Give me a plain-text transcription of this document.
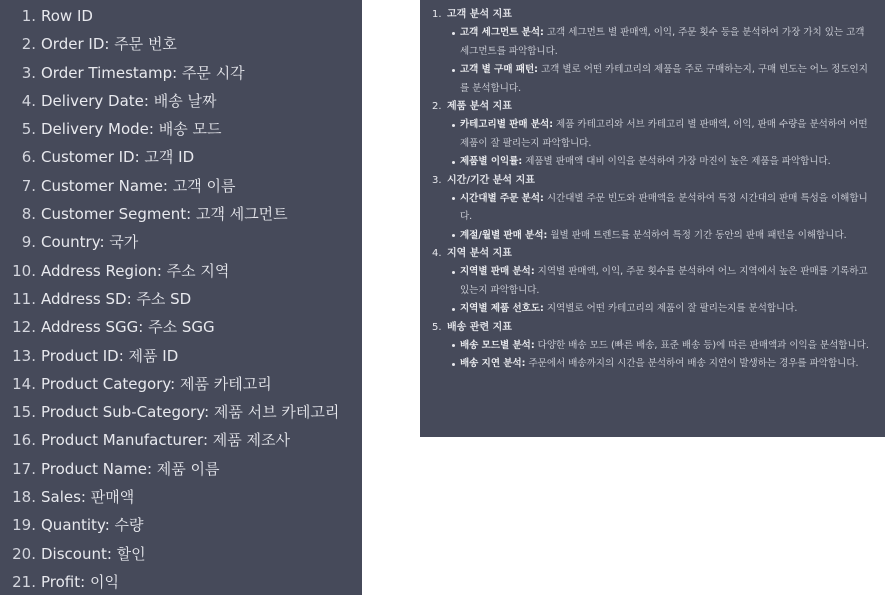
1. Row ID
2. Order ID: 주문 번호
3. Order Timestamp: 주문 시각
4. Delivery Date: 배송 날짜
5. Delivery Mode: 배송 모드
6. Customer ID: 고객 ID
7. Customer Name: 고객 이름
8. Customer Segment: 고객 세그먼트
9. Country: 국가
10. Address Region: 주소 지역
11. Address SD: 주소 SD
12. Address SGG: 주소 SGG
13. Product ID: 제품 ID
14. Product Category: 제품 카테고리
15. Product Sub-Category: 제품 서브 카테고리
16. Product Manufacturer: 제품 제조사
17. Product Name: 제품 이름
18. Sales: 판매액
19. Quantity: 수량
20. Discount: 할인
21. Profit: 이익
1. 고객 분석 지표
고객 세그먼트 분석: 고객 세그먼트 별 판매액, 이익, 주문 횟수 등을 분석하여 가장 가치 있는 고객 세그먼트를 파악합니다.
고객 별 구매 패턴: 고객 별로 어떤 카테고리의 제품을 주로 구매하는지, 구매 빈도는 어느 정도인지를 분석합니다.
2. 제품 분석 지표
카테고리별 판매 분석: 제품 카테고리와 서브 카테고리 별 판매액, 이익, 판매 수량을 분석하여 어떤 제품이 잘 팔리는지 파악합니다.
제품별 이익률: 제품별 판매액 대비 이익을 분석하여 가장 마진이 높은 제품을 파악합니다.
3. 시간/기간 분석 지표
시간대별 주문 분석: 시간대별 주문 빈도와 판매액을 분석하여 특정 시간대의 판매 특성을 이해합니다.
계절/월별 판매 분석: 월별 판매 트렌드를 분석하여 특정 기간 동안의 판매 패턴을 이해합니다.
4. 지역 분석 지표
지역별 판매 분석: 지역별 판매액, 이익, 주문 횟수를 분석하여 어느 지역에서 높은 판매를 기록하고 있는지 파악합니다.
지역별 제품 선호도: 지역별로 어떤 카테고리의 제품이 잘 팔리는지를 분석합니다.
5. 배송 관련 지표
배송 모드별 분석: 다양한 배송 모드 (빠른 배송, 표준 배송 등)에 따른 판매액과 이익을 분석합니다.
배송 지연 분석: 주문에서 배송까지의 시간을 분석하여 배송 지연이 발생하는 경우를 파악합니다.
